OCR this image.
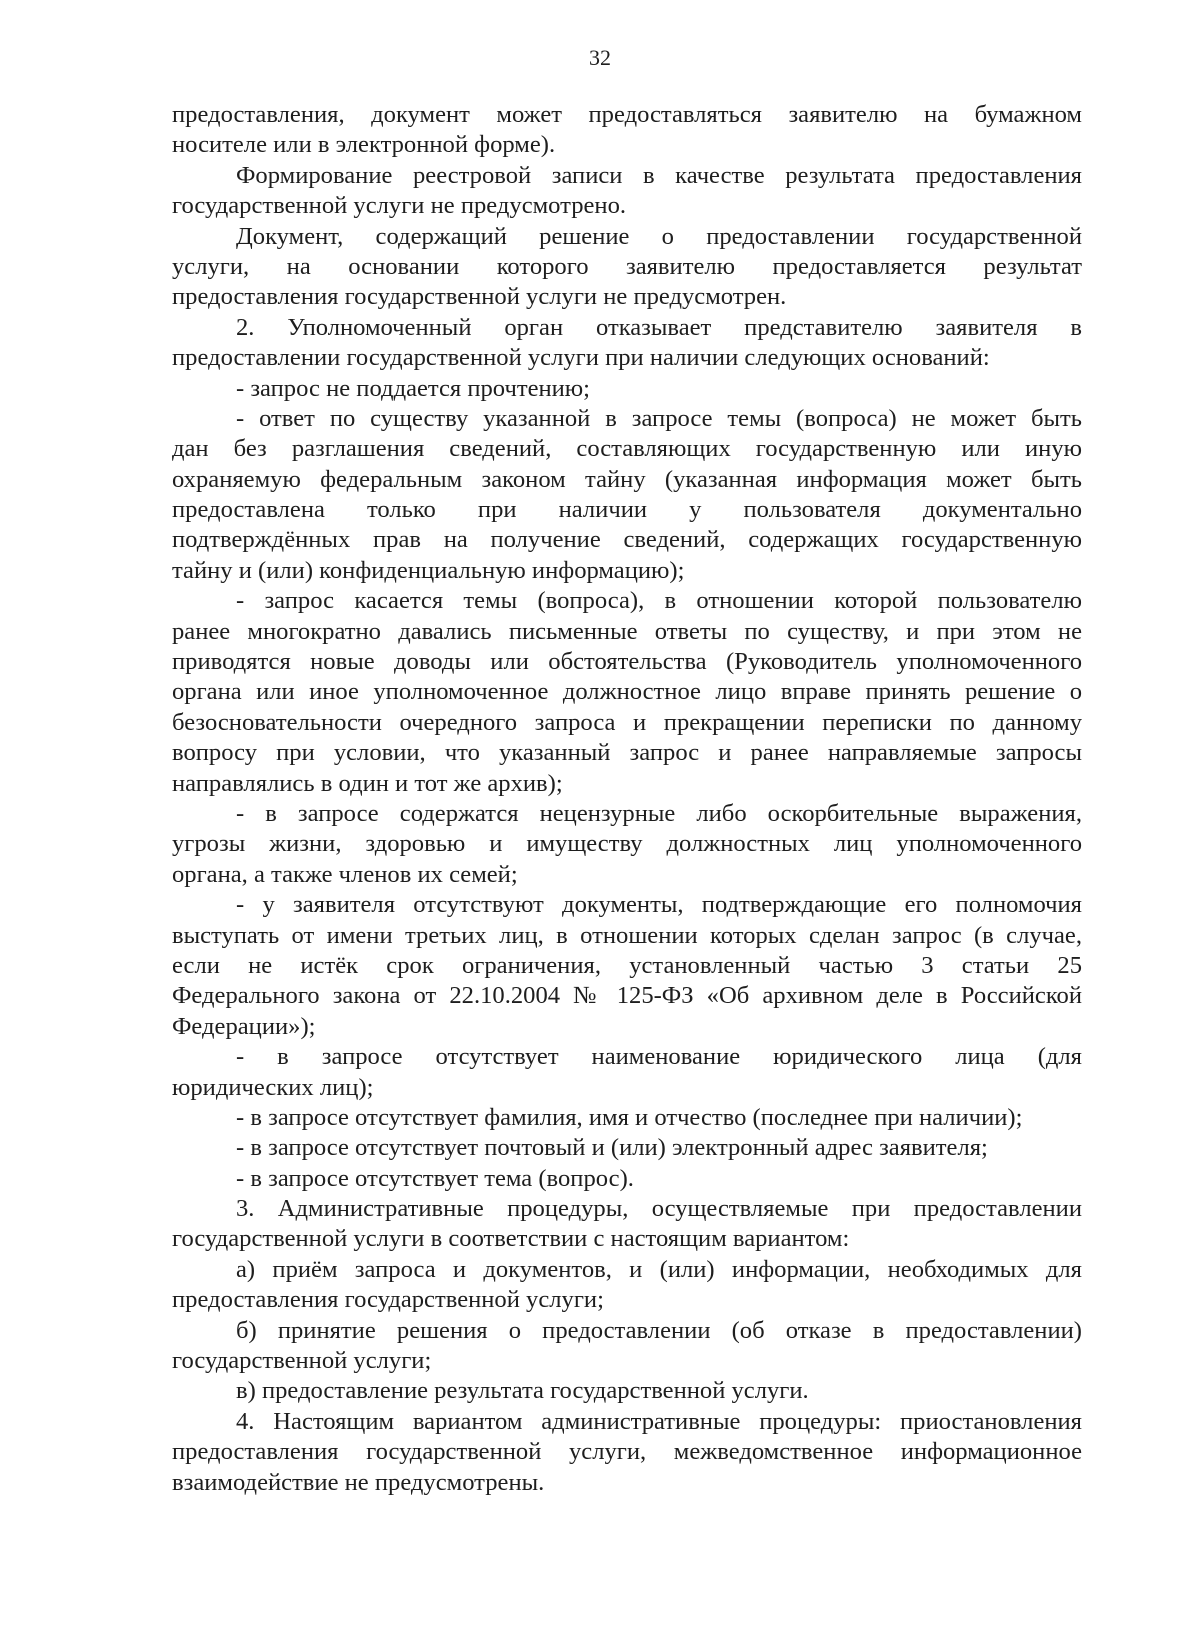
32
предоставления, документ может предоставляться заявителю на бумажном
носителе или в электронной форме).
Формирование реестровой записи в качестве результата предоставления
государственной услуги не предусмотрено.
Документ, содержащий решение о предоставлении государственной
услуги, на основании которого заявителю предоставляется результат
предоставления государственной услуги не предусмотрен.
2. Уполномоченный орган отказывает представителю заявителя в
предоставлении государственной услуги при наличии следующих оснований:
- запрос не поддается прочтению;
- ответ по существу указанной в запросе темы (вопроса) не может быть
дан без разглашения сведений, составляющих государственную или иную
охраняемую федеральным законом тайну (указанная информация может быть
предоставлена только при наличии у пользователя документально
подтверждённых прав на получение сведений, содержащих государственную
тайну и (или) конфиденциальную информацию);
- запрос касается темы (вопроса), в отношении которой пользователю
ранее многократно давались письменные ответы по существу, и при этом не
приводятся новые доводы или обстоятельства (Руководитель уполномоченного
органа или иное уполномоченное должностное лицо вправе принять решение о
безосновательности очередного запроса и прекращении переписки по данному
вопросу при условии, что указанный запрос и ранее направляемые запросы
направлялись в один и тот же архив);
- в запросе содержатся нецензурные либо оскорбительные выражения,
угрозы жизни, здоровью и имуществу должностных лиц уполномоченного
органа, а также членов их семей;
- у заявителя отсутствуют документы, подтверждающие его полномочия
выступать от имени третьих лиц, в отношении которых сделан запрос (в случае,
если не истёк срок ограничения, установленный частью 3 статьи 25
Федерального закона от 22.10.2004 № 125-ФЗ «Об архивном деле в Российской
Федерации»);
- в запросе отсутствует наименование юридического лица (для
юридических лиц);
- в запросе отсутствует фамилия, имя и отчество (последнее при наличии);
- в запросе отсутствует почтовый и (или) электронный адрес заявителя;
- в запросе отсутствует тема (вопрос).
3. Административные процедуры, осуществляемые при предоставлении
государственной услуги в соответствии с настоящим вариантом:
а) приём запроса и документов, и (или) информации, необходимых для
предоставления государственной услуги;
б) принятие решения о предоставлении (об отказе в предоставлении)
государственной услуги;
в) предоставление результата государственной услуги.
4. Настоящим вариантом административные процедуры: приостановления
предоставления государственной услуги, межведомственное информационное
взаимодействие не предусмотрены.
